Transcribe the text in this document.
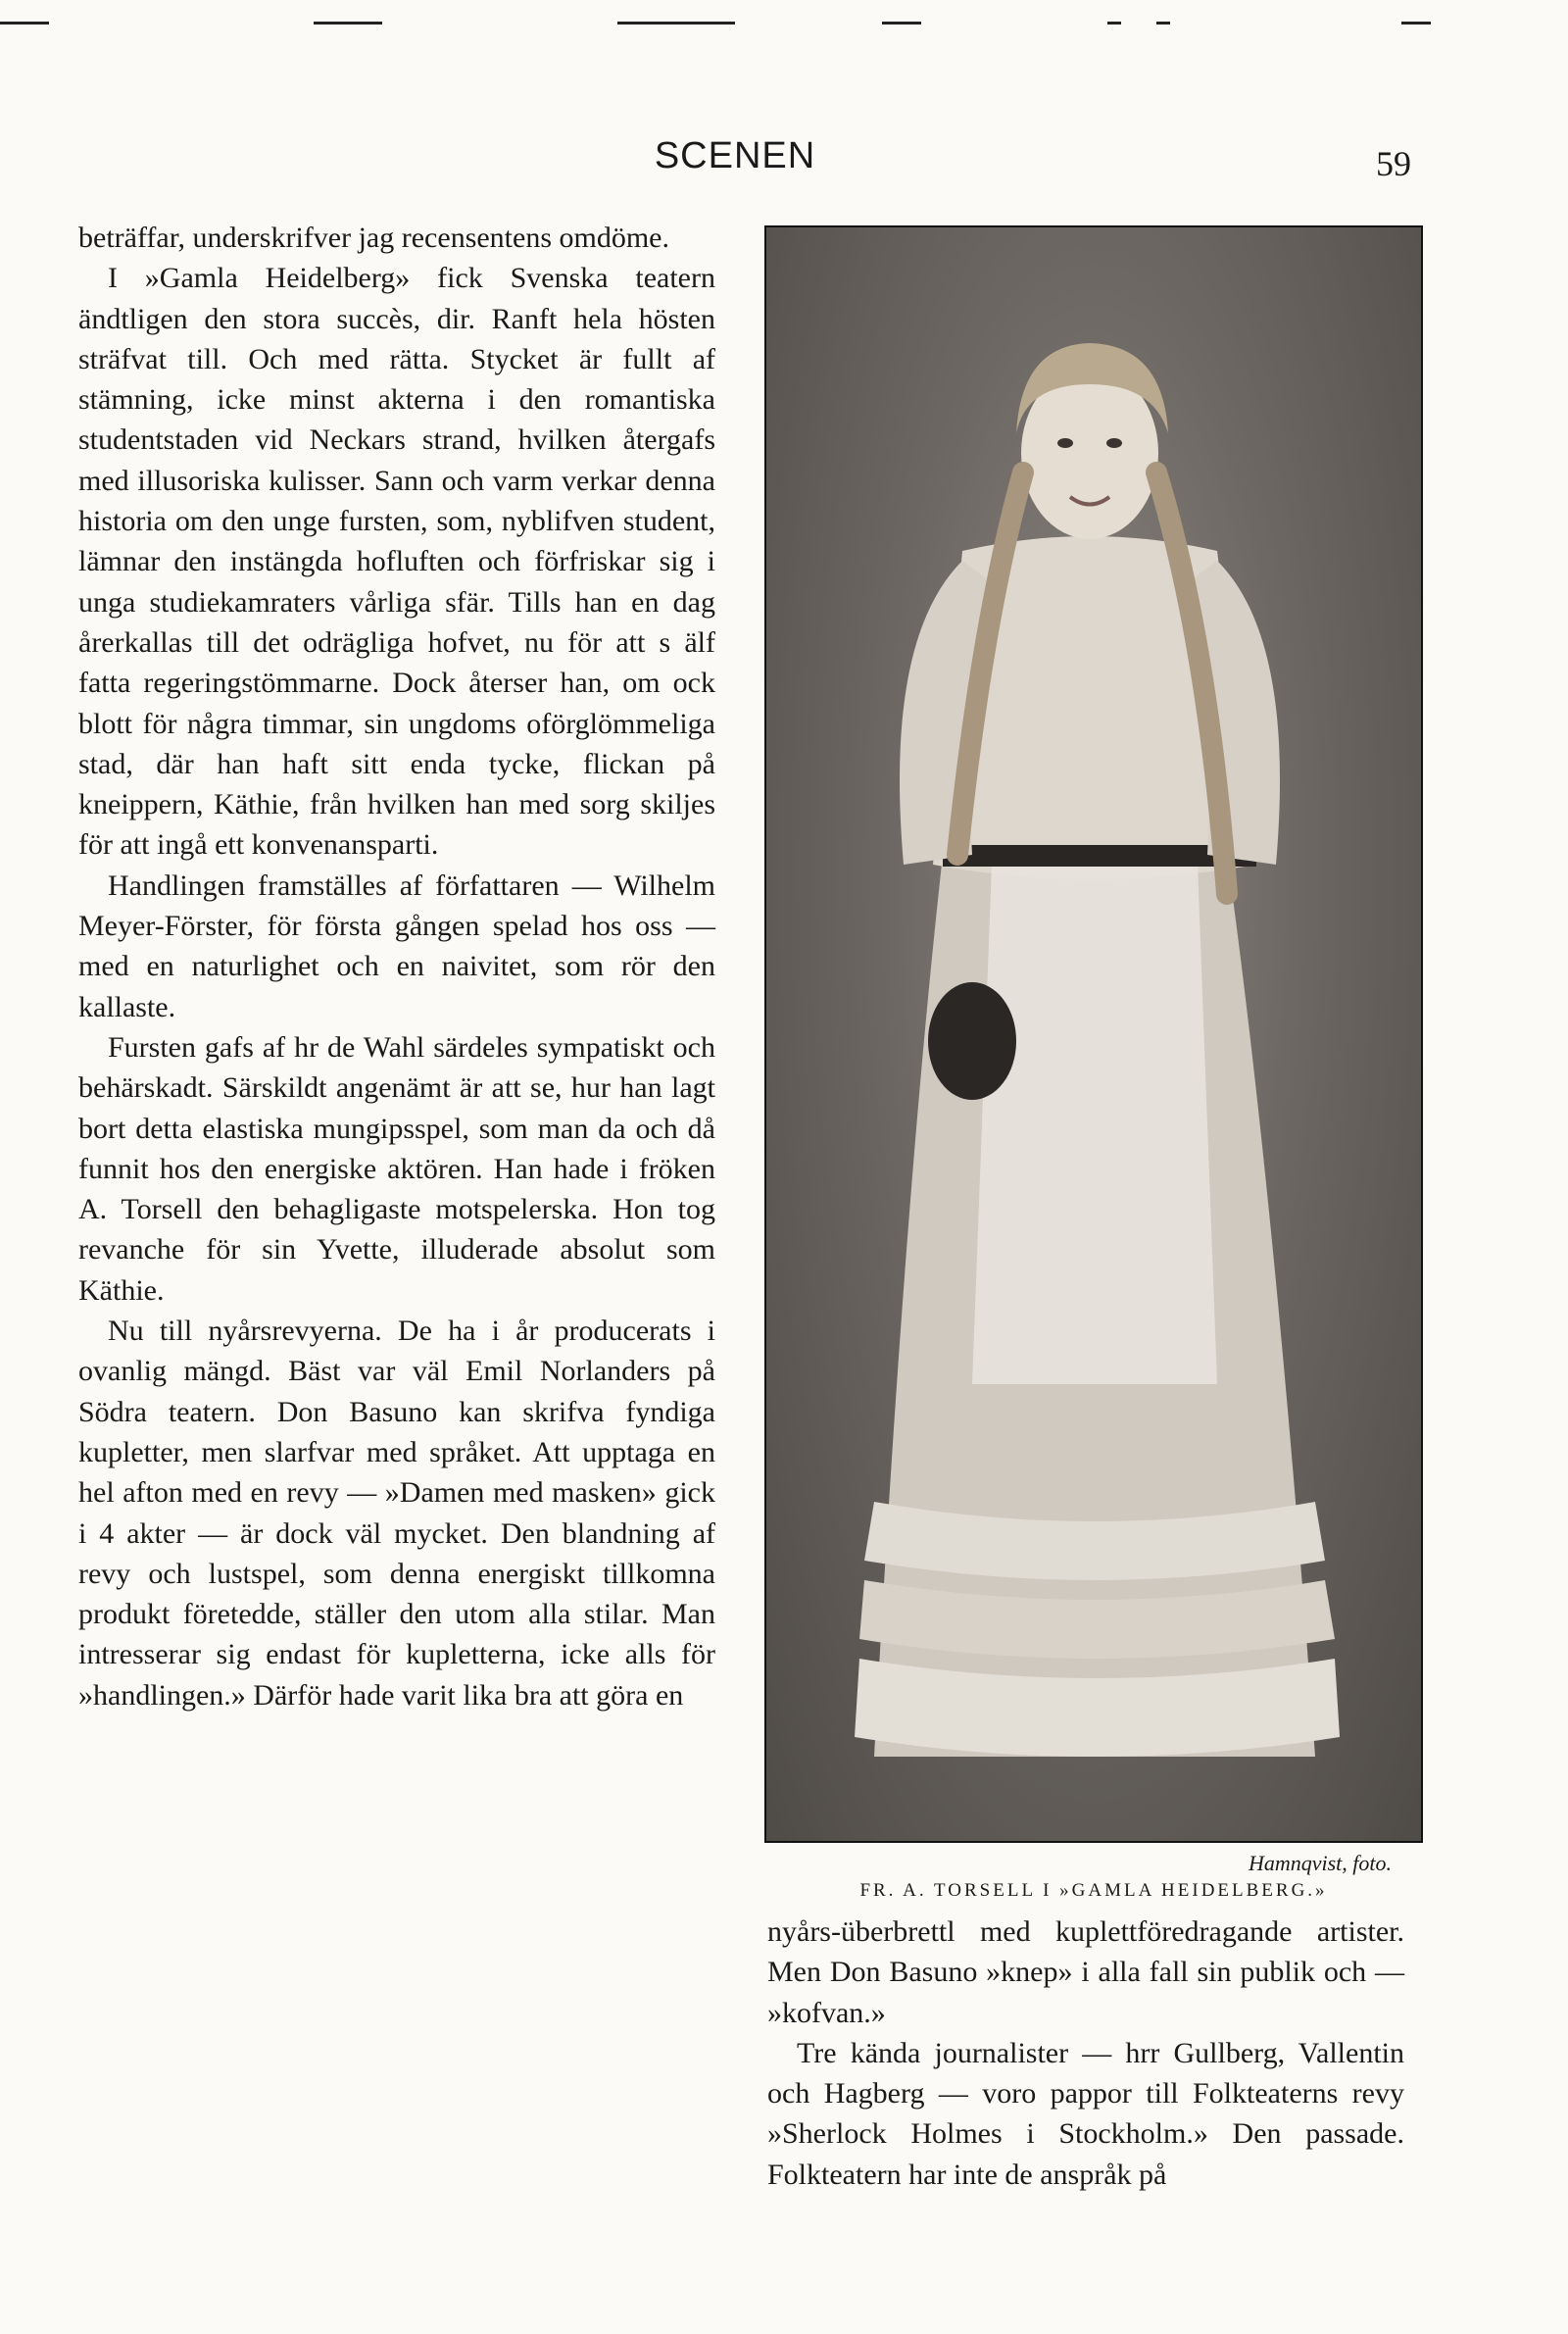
SCENEN	59

beträffar, underskrifver jag recensentens omdöme.

I »Gamla Heidelberg» fick Svenska teatern ändtligen den stora succès, dir. Ranft hela hösten sträfvat till. Och med rätta. Stycket är fullt af stämning, icke minst akterna i den romantiska studentstaden vid Neckars strand, hvilken återgafs med illusoriska kulisser. Sann och varm verkar denna historia om den unge fursten, som, nyblifven student, lämnar den instängda hofluften och förfriskar sig i unga studiekamraters vårliga sfär. Tills han en dag årerkallas till det odrägliga hofvet, nu för att s älf fatta regeringstömmarne. Dock återser han, om ock blott för några timmar, sin ungdoms oförglömmeliga stad, där han haft sitt enda tycke, flickan på kneippern, Käthie, från hvilken han med sorg skiljes för att ingå ett konvenansparti.

Handlingen framställes af författaren — Wilhelm Meyer-Förster, för första gången spelad hos oss — med en naturlighet och en naivitet, som rör den kallaste.

Fursten gafs af hr de Wahl särdeles sympatiskt och behärskadt. Särskildt angenämt är att se, hur han lagt bort detta elastiska mungipsspel, som man da och då funnit hos den energiske aktören. Han hade i fröken A. Torsell den behagligaste motspelerska. Hon tog revanche för sin Yvette, illuderade absolut som Käthie.

Nu till nyårsrevyerna. De ha i år producerats i ovanlig mängd. Bäst var väl Emil Norlanders på Södra teatern. Don Basuno kan skrifva fyndiga kupletter, men slarfvar med språket. Att upptaga en hel afton med en revy — »Damen med masken» gick i 4 akter — är dock väl mycket. Den blandning af revy och lustspel, som denna energiskt tillkomna produkt företedde, ställer den utom alla stilar. Man intresserar sig endast för kupletterna, icke alls för »handlingen.» Därför hade varit lika bra att göra en

Hamnqvist, foto.
FR. A. TORSELL I »GAMLA HEIDELBERG.»

nyårs-überbrettl med kuplettföredragande artister. Men Don Basuno »knep» i alla fall sin publik och — »kofvan.»

Tre kända journalister — hrr Gullberg, Vallentin och Hagberg — voro pappor till Folkteaterns revy »Sherlock Holmes i Stockholm.» Den passade. Folkteatern har inte de anspråk på
